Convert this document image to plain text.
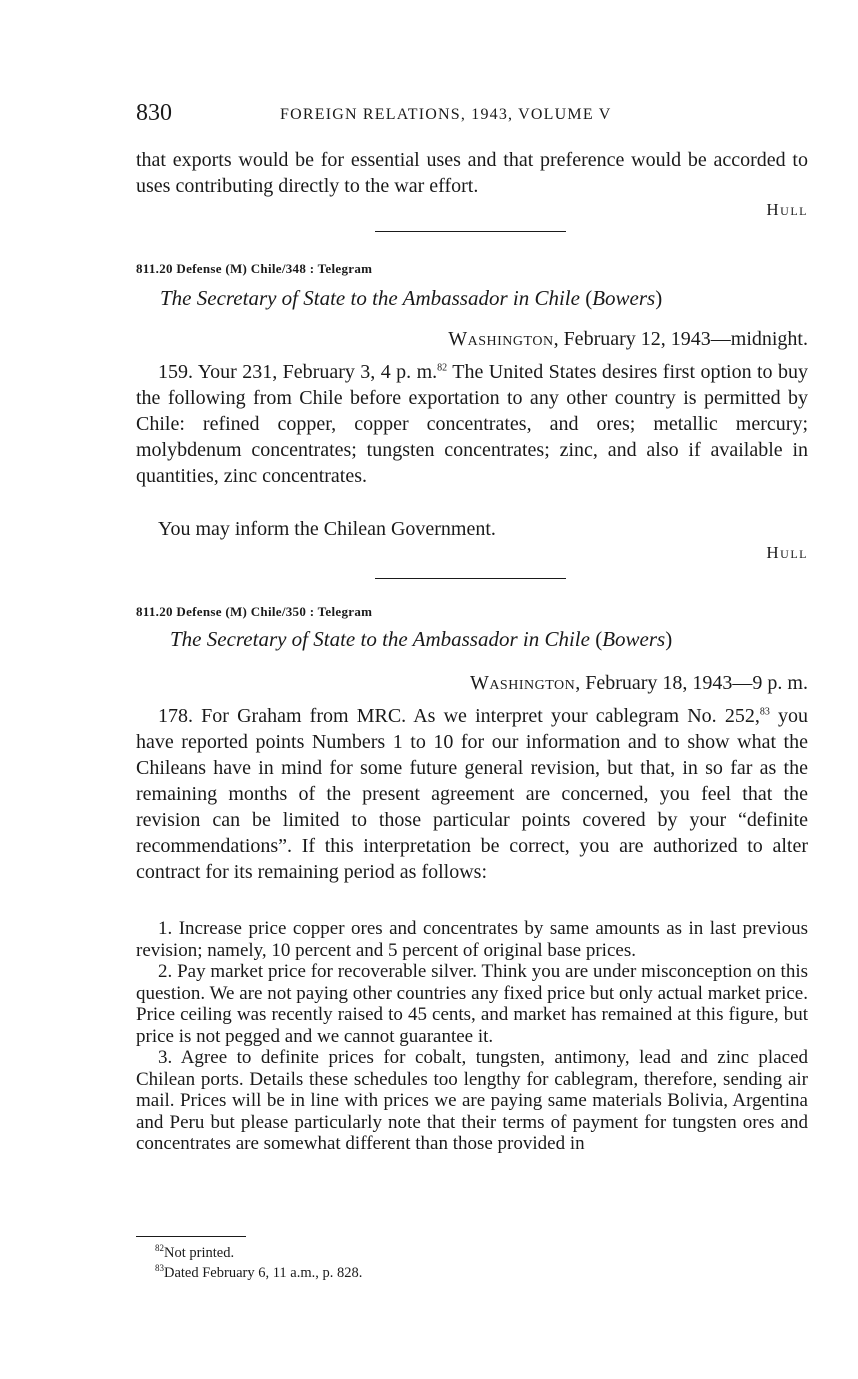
830	FOREIGN RELATIONS, 1943, VOLUME V
that exports would be for essential uses and that preference would be accorded to uses contributing directly to the war effort.
Hull
811.20 Defense (M) Chile/348 : Telegram
The Secretary of State to the Ambassador in Chile (Bowers)
Washington, February 12, 1943—midnight.
159. Your 231, February 3, 4 p. m.$^{82}$ The United States desires first option to buy the following from Chile before exportation to any other country is permitted by Chile: refined copper, copper concentrates, and ores; metallic mercury; molybdenum concentrates; tungsten concentrates; zinc, and also if available in quantities, zinc concentrates.
You may inform the Chilean Government.
Hull
811.20 Defense (M) Chile/350 : Telegram
The Secretary of State to the Ambassador in Chile (Bowers)
Washington, February 18, 1943—9 p. m.
178. For Graham from MRC. As we interpret your cablegram No. 252,83 you have reported points Numbers 1 to 10 for our information and to show what the Chileans have in mind for some future general revision, but that, in so far as the remaining months of the present agreement are concerned, you feel that the revision can be limited to those particular points covered by your “definite recommendations”. If this interpretation be correct, you are authorized to alter contract for its remaining period as follows:

1. Increase price copper ores and concentrates by same amounts as in last previous revision; namely, 10 percent and 5 percent of original base prices.

2. Pay market price for recoverable silver. Think you are under misconception on this question. We are not paying other countries any fixed price but only actual market price. Price ceiling was recently raised to 45 cents, and market has remained at this figure, but price is not pegged and we cannot guarantee it.

3. Agree to definite prices for cobalt, tungsten, antimony, lead and zinc placed Chilean ports. Details these schedules too lengthy for cablegram, therefore, sending air mail. Prices will be in line with prices we are paying same materials Bolivia, Argentina and Peru but please particularly note that their terms of payment for tungsten ores and concentrates are somewhat different than those provided in

$^{82}$Not printed.
$^{83}$Dated February 6, 11 a.m., p. 828.
